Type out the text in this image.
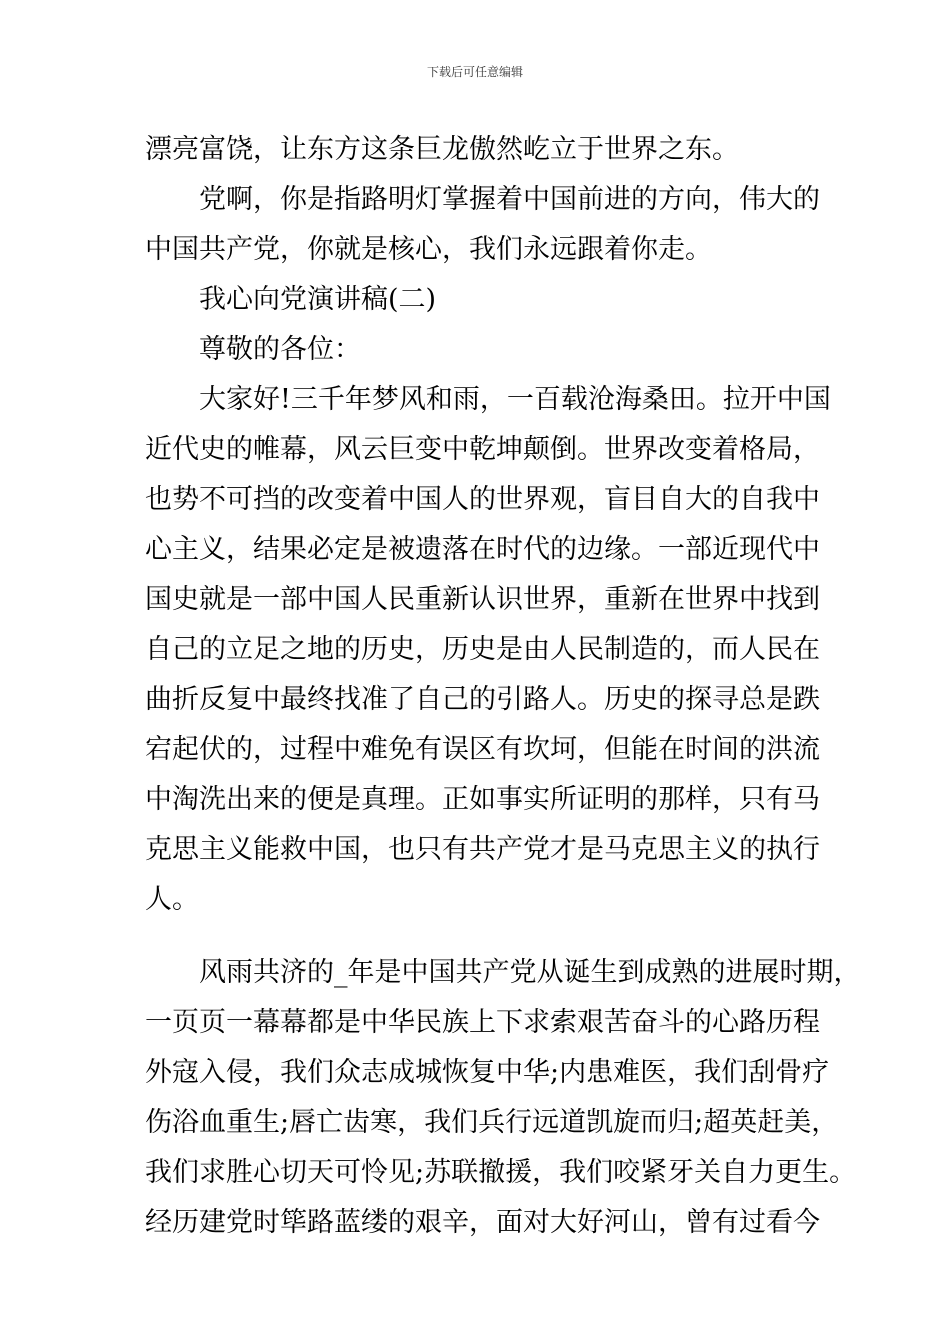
下载后可任意编辑
漂亮富饶，让东方这条巨龙傲然屹立于世界之东。
党啊，你是指路明灯掌握着中国前进的方向，伟大的
中国共产党，你就是核心，我们永远跟着你走。
我心向党演讲稿(二)
尊敬的各位：
大家好!三千年梦风和雨，一百载沧海桑田。拉开中国
近代史的帷幕，风云巨变中乾坤颠倒。世界改变着格局，
也势不可挡的改变着中国人的世界观，盲目自大的自我中
心主义，结果必定是被遗落在时代的边缘。一部近现代中
国史就是一部中国人民重新认识世界，重新在世界中找到
自己的立足之地的历史，历史是由人民制造的，而人民在
曲折反复中最终找准了自己的引路人。历史的探寻总是跌
宕起伏的，过程中难免有误区有坎坷，但能在时间的洪流
中淘洗出来的便是真理。正如事实所证明的那样，只有马
克思主义能救中国，也只有共产党才是马克思主义的执行
人。
风雨共济的_年是中国共产党从诞生到成熟的进展时期，
一页页一幕幕都是中华民族上下求索艰苦奋斗的心路历程
外寇入侵，我们众志成城恢复中华;内患难医，我们刮骨疗
伤浴血重生;唇亡齿寒，我们兵行远道凯旋而归;超英赶美，
我们求胜心切天可怜见;苏联撤援，我们咬紧牙关自力更生。
经历建党时筚路蓝缕的艰辛，面对大好河山，曾有过看今
